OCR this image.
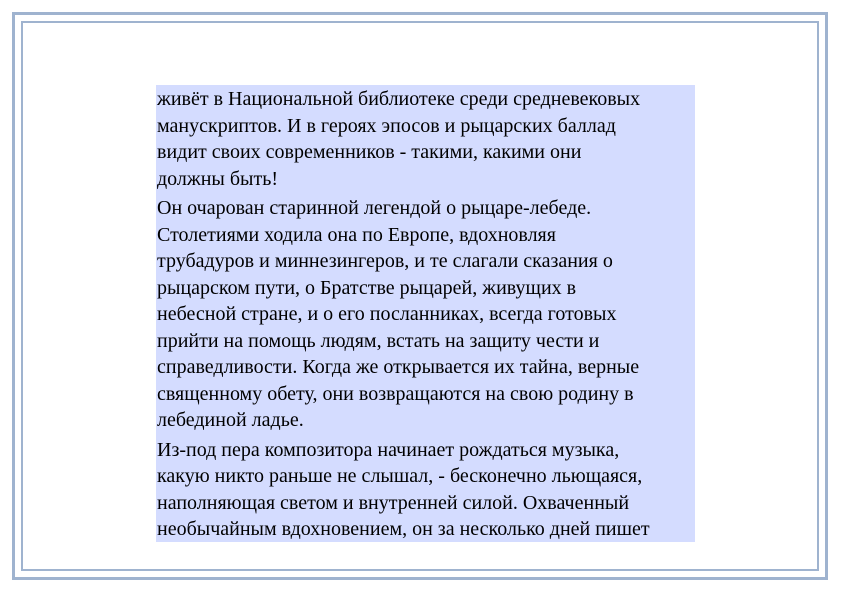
живёт в Национальной библиотеке среди средневековых
манускриптов. И в героях эпосов и рыцарских баллад
видит своих современников - такими, какими они
должны быть!

Он очарован старинной легендой о рыцаре-лебеде.
Столетиями ходила она по Европе, вдохновляя
трубадуров и миннезингеров, и те слагали сказания о
рыцарском пути, о Братстве рыцарей, живущих в
небесной стране, и о его посланниках, всегда готовых
прийти на помощь людям, встать на защиту чести и
справедливости. Когда же открывается их тайна, верные
священному обету, они возвращаются на свою родину в
лебединой ладье.

Из-под пера композитора начинает рождаться музыка,
какую никто раньше не слышал, - бесконечно льющаяся,
наполняющая светом и внутренней силой. Охваченный
необычайным вдохновением, он за несколько дней пишет
